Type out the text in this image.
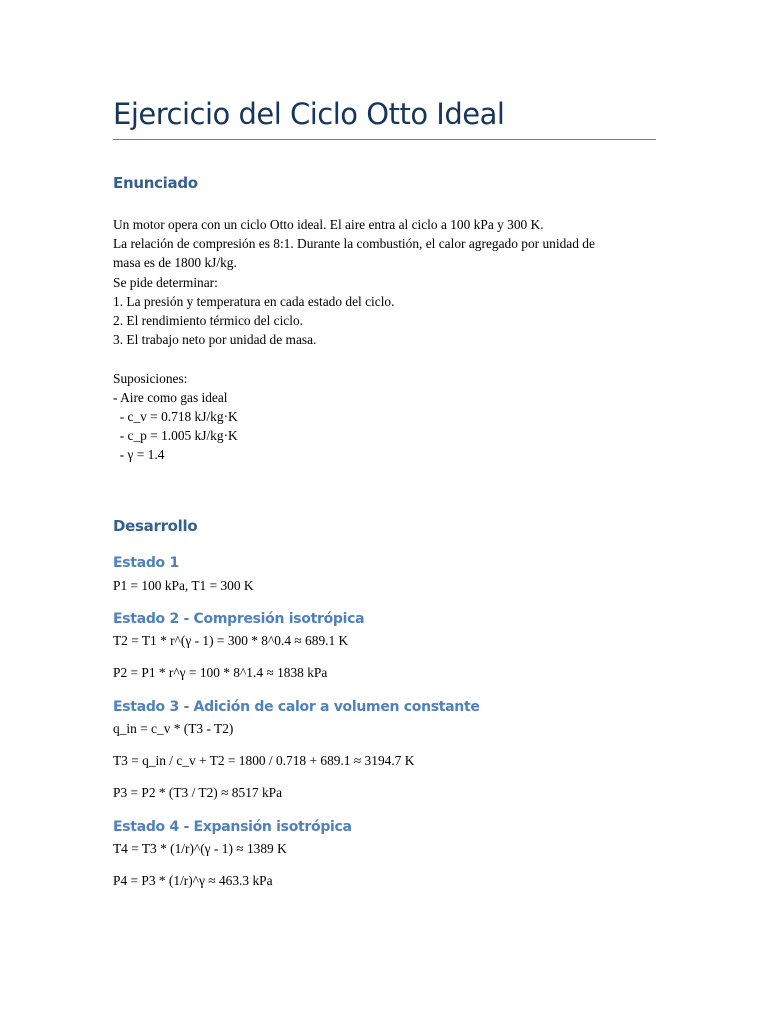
Ejercicio del Ciclo Otto Ideal
Enunciado
Un motor opera con un ciclo Otto ideal. El aire entra al ciclo a 100 kPa y 300 K.
La relación de compresión es 8:1. Durante la combustión, el calor agregado por unidad de
masa es de 1800 kJ/kg.
Se pide determinar:
1. La presión y temperatura en cada estado del ciclo.
2. El rendimiento térmico del ciclo.
3. El trabajo neto por unidad de masa.
Suposiciones:
- Aire como gas ideal
- c_v = 0.718 kJ/kg·K
- c_p = 1.005 kJ/kg·K
- γ = 1.4
Desarrollo
Estado 1
P1 = 100 kPa, T1 = 300 K
Estado 2 - Compresión isotrópica
T2 = T1 * r^(γ - 1) = 300 * 8^0.4 ≈ 689.1 K
P2 = P1 * r^γ = 100 * 8^1.4 ≈ 1838 kPa
Estado 3 - Adición de calor a volumen constante
q_in = c_v * (T3 - T2)
T3 = q_in / c_v + T2 = 1800 / 0.718 + 689.1 ≈ 3194.7 K
P3 = P2 * (T3 / T2) ≈ 8517 kPa
Estado 4 - Expansión isotrópica
T4 = T3 * (1/r)^(γ - 1) ≈ 1389 K
P4 = P3 * (1/r)^γ ≈ 463.3 kPa
